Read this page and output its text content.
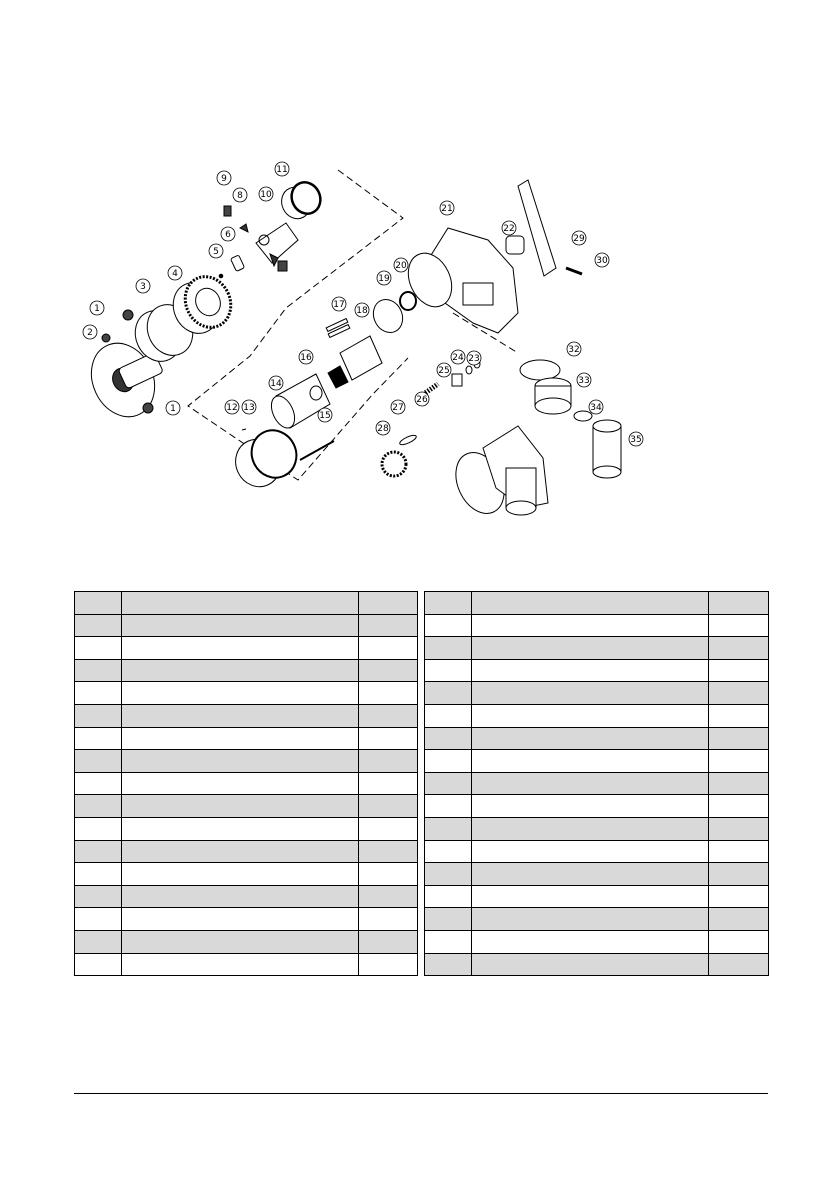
1
2
1
3
4
5
6
8
9
10
11
12 13
14
15
16
17
18
19
20
21
22
23
24
25
26
27
28
29
30
32
33
34
35
